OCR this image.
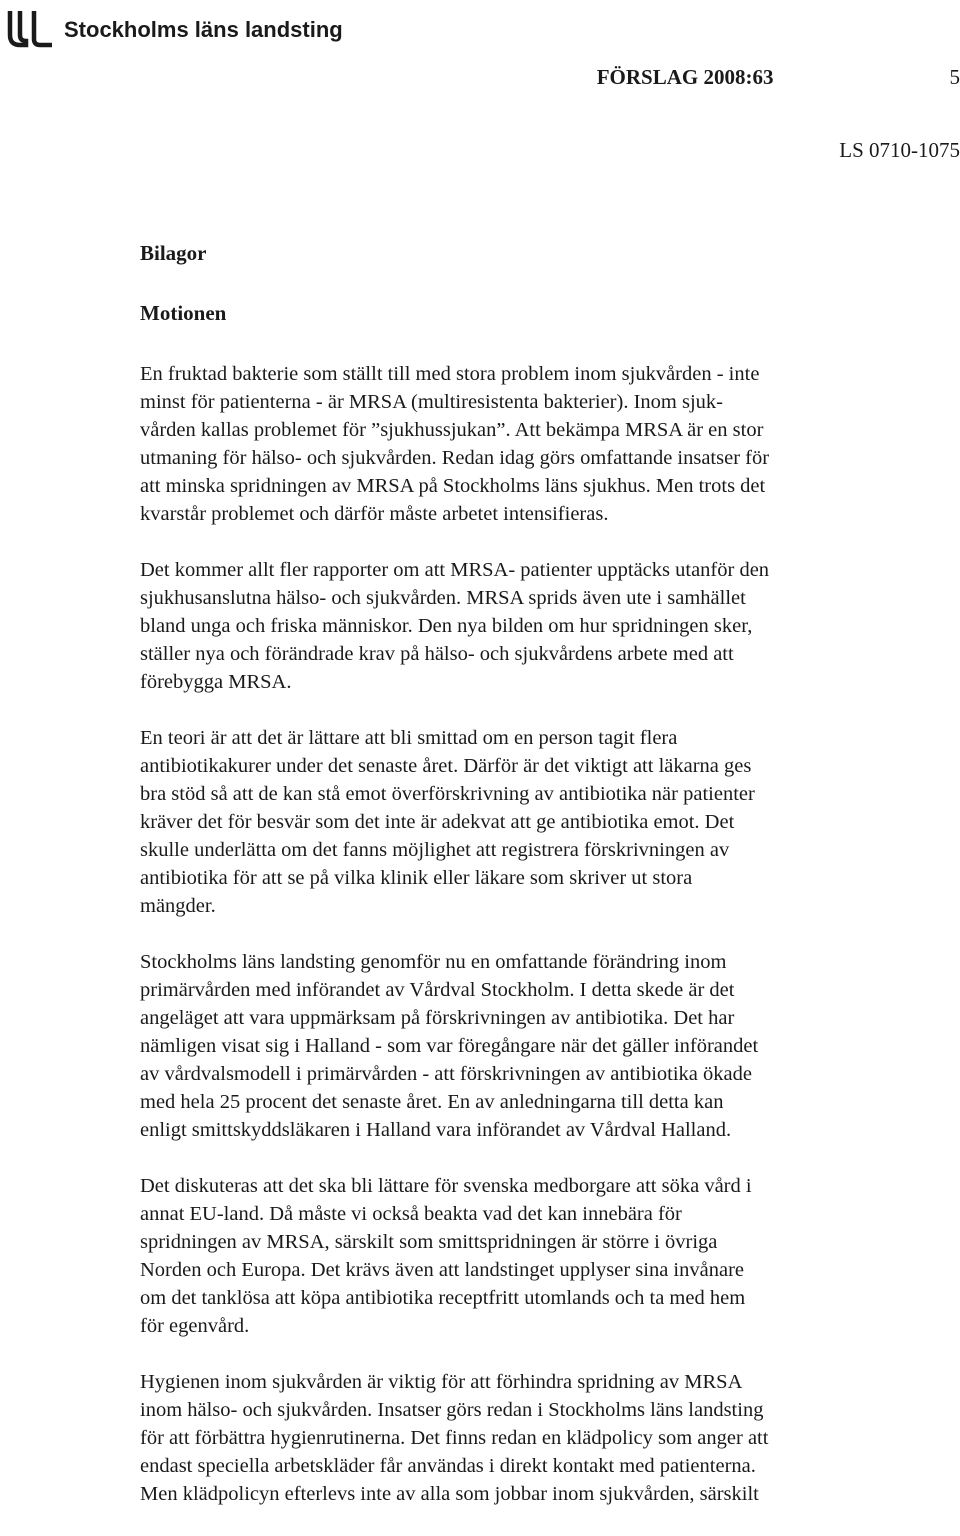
Stockholms läns landsting
FÖRSLAG 2008:63	5
LS 0710-1075
Bilagor
Motionen

En fruktad bakterie som ställt till med stora problem inom sjukvården - inte
minst för patienterna - är MRSA (multiresistenta bakterier). Inom sjuk-
vården kallas problemet för ”sjukhussjukan”. Att bekämpa MRSA är en stor
utmaning för hälso- och sjukvården. Redan idag görs omfattande insatser för
att minska spridningen av MRSA på Stockholms läns sjukhus. Men trots det
kvarstår problemet och därför måste arbetet intensifieras.

Det kommer allt fler rapporter om att MRSA- patienter upptäcks utanför den
sjukhusanslutna hälso- och sjukvården. MRSA sprids även ute i samhället
bland unga och friska människor. Den nya bilden om hur spridningen sker,
ställer nya och förändrade krav på hälso- och sjukvårdens arbete med att
förebygga MRSA.

En teori är att det är lättare att bli smittad om en person tagit flera
antibiotikakurer under det senaste året. Därför är det viktigt att läkarna ges
bra stöd så att de kan stå emot överförskrivning av antibiotika när patienter
kräver det för besvär som det inte är adekvat att ge antibiotika emot. Det
skulle underlätta om det fanns möjlighet att registrera förskrivningen av
antibiotika för att se på vilka klinik eller läkare som skriver ut stora
mängder.

Stockholms läns landsting genomför nu en omfattande förändring inom
primärvården med införandet av Vårdval Stockholm. I detta skede är det
angeläget att vara uppmärksam på förskrivningen av antibiotika. Det har
nämligen visat sig i Halland - som var föregångare när det gäller införandet
av vårdvalsmodell i primärvården - att förskrivningen av antibiotika ökade
med hela 25 procent det senaste året. En av anledningarna till detta kan
enligt smittskyddsläkaren i Halland vara införandet av Vårdval Halland.

Det diskuteras att det ska bli lättare för svenska medborgare att söka vård i
annat EU-land. Då måste vi också beakta vad det kan innebära för
spridningen av MRSA, särskilt som smittspridningen är större i övriga
Norden och Europa. Det krävs även att landstinget upplyser sina invånare
om det tanklösa att köpa antibiotika receptfritt utomlands och ta med hem
för egenvård.

Hygienen inom sjukvården är viktig för att förhindra spridning av MRSA
inom hälso- och sjukvården. Insatser görs redan i Stockholms läns landsting
för att förbättra hygienrutinerna. Det finns redan en klädpolicy som anger att
endast speciella arbetskläder får användas i direkt kontakt med patienterna.
Men klädpolicyn efterlevs inte av alla som jobbar inom sjukvården, särskilt
